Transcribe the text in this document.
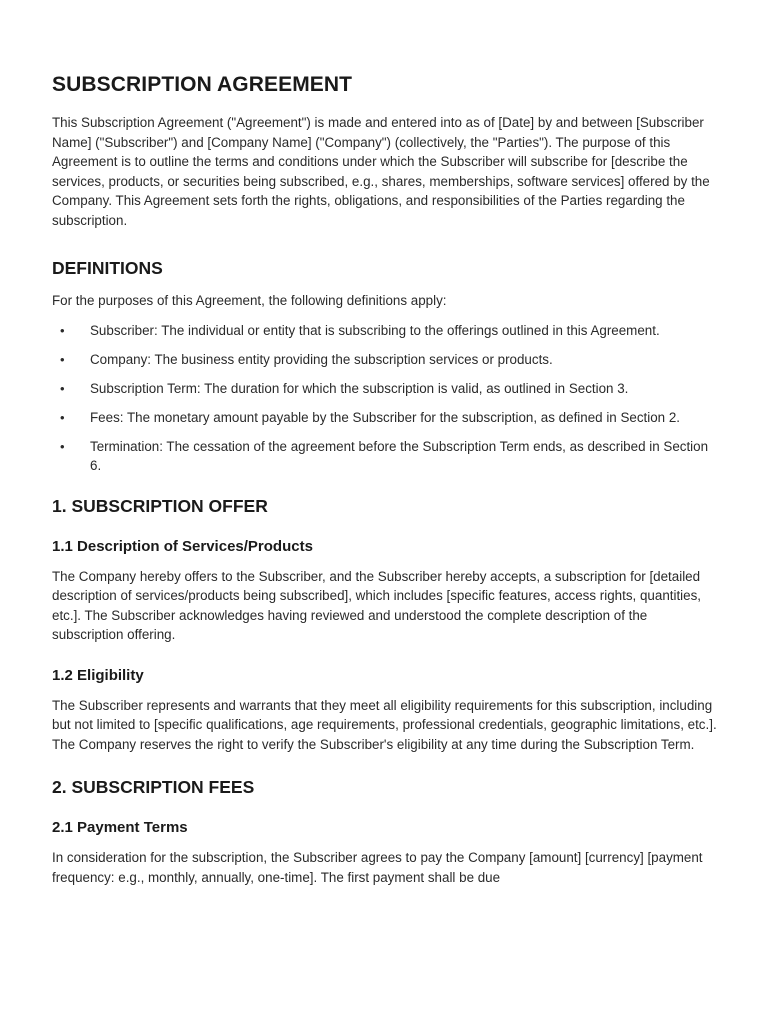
SUBSCRIPTION AGREEMENT

This Subscription Agreement ("Agreement") is made and entered into as of [Date] by and between [Subscriber Name] ("Subscriber") and [Company Name] ("Company") (collectively, the "Parties"). The purpose of this Agreement is to outline the terms and conditions under which the Subscriber will subscribe for [describe the services, products, or securities being subscribed, e.g., shares, memberships, software services] offered by the Company. This Agreement sets forth the rights, obligations, and responsibilities of the Parties regarding the subscription.

DEFINITIONS

For the purposes of this Agreement, the following definitions apply:

• Subscriber: The individual or entity that is subscribing to the offerings outlined in this Agreement.
• Company: The business entity providing the subscription services or products.
• Subscription Term: The duration for which the subscription is valid, as outlined in Section 3.
• Fees: The monetary amount payable by the Subscriber for the subscription, as defined in Section 2.
• Termination: The cessation of the agreement before the Subscription Term ends, as described in Section 6.
1. SUBSCRIPTION OFFER
1.1 Description of Services/Products

The Company hereby offers to the Subscriber, and the Subscriber hereby accepts, a subscription for [detailed description of services/products being subscribed], which includes [specific features, access rights, quantities, etc.]. The Subscriber acknowledges having reviewed and understood the complete description of the subscription offering.

1.2 Eligibility

The Subscriber represents and warrants that they meet all eligibility requirements for this subscription, including but not limited to [specific qualifications, age requirements, professional credentials, geographic limitations, etc.]. The Company reserves the right to verify the Subscriber's eligibility at any time during the Subscription Term.

2. SUBSCRIPTION FEES
2.1 Payment Terms

In consideration for the subscription, the Subscriber agrees to pay the Company [amount] [currency] [payment frequency: e.g., monthly, annually, one-time]. The first payment shall be due
